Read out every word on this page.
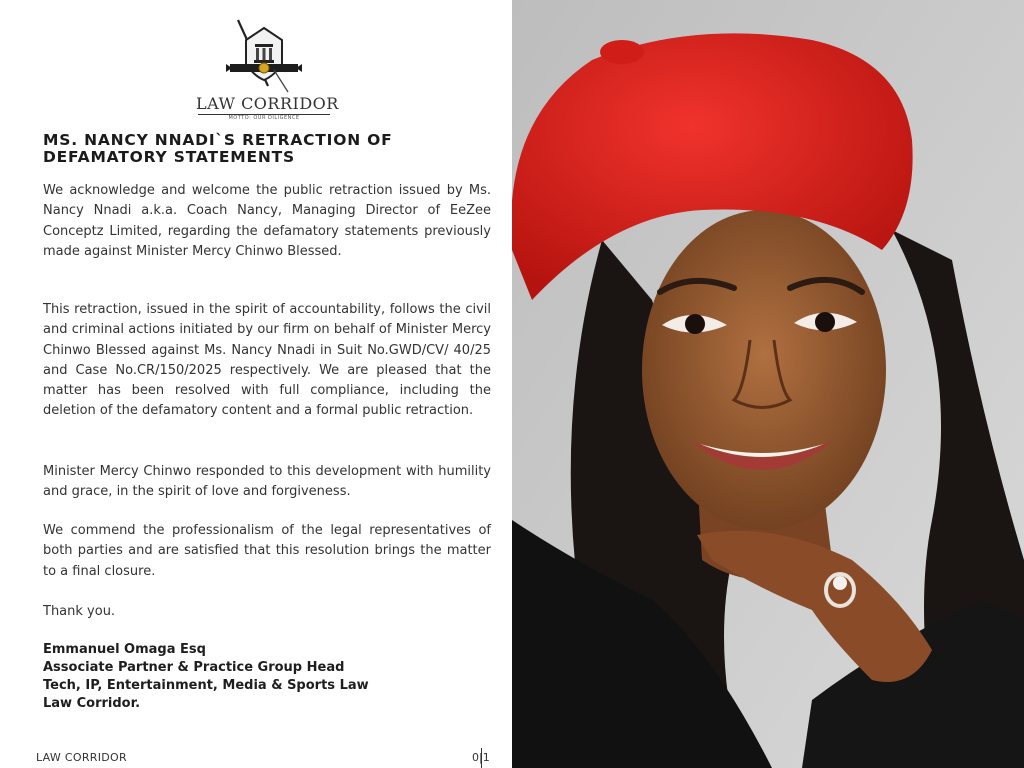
LAW CORRIDOR
MOTTO: OUR DILIGENCE
MS. NANCY NNADI`S RETRACTION OF DEFAMATORY STATEMENTS

We acknowledge and welcome the public retraction issued by Ms. Nancy Nnadi a.k.a. Coach Nancy, Managing Director of EeZee Conceptz Limited, regarding the defamatory statements previously made against Minister Mercy Chinwo Blessed.

This retraction, issued in the spirit of accountability, follows the civil and criminal actions initiated by our firm on behalf of Minister Mercy Chinwo Blessed against Ms. Nancy Nnadi in Suit No.GWD/CV/ 40/25 and Case No.CR/150/2025 respectively. We are pleased that the matter has been resolved with full compliance, including the deletion of the defamatory content and a formal public retraction.

Minister Mercy Chinwo responded to this development with humility and grace, in the spirit of love and forgiveness.

We commend the professionalism of the legal representatives of both parties and are satisfied that this resolution brings the matter to a final closure.

Thank you.

Emmanuel Omaga Esq

Associate Partner & Practice Group Head

Tech, IP, Entertainment, Media & Sports Law

Law Corridor.

LAW CORRIDOR	0|1
